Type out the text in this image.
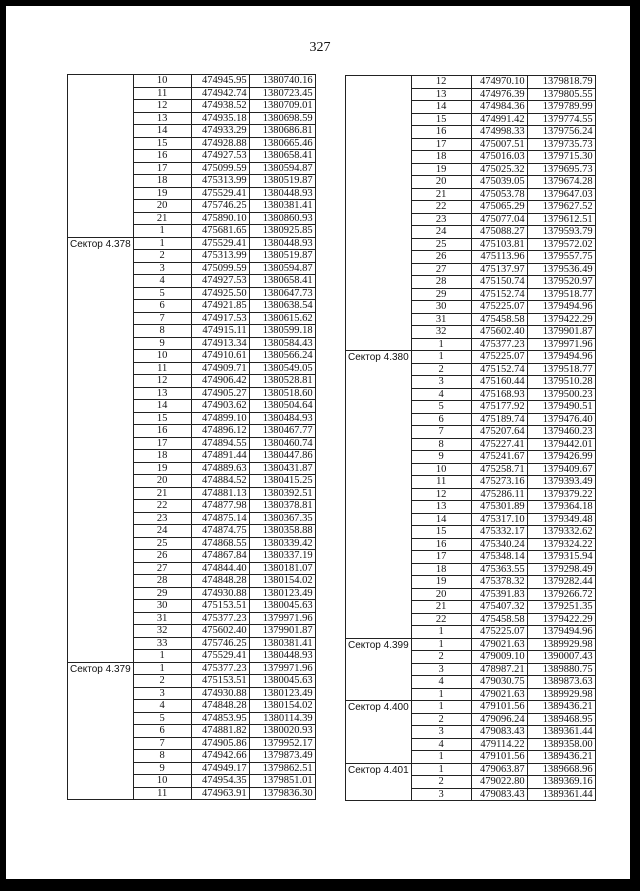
327
	10	474945.95	1380740.16
	11	474942.74	1380723.45
	12	474938.52	1380709.01
	13	474935.18	1380698.59
	14	474933.29	1380686.81
	15	474928.88	1380665.46
	16	474927.53	1380658.41
	17	475099.59	1380594.87
	18	475313.99	1380519.87
	19	475529.41	1380448.93
	20	475746.25	1380381.41
	21	475890.10	1380860.93
	1	475681.65	1380925.85
Сектор 4.378	1	475529.41	1380448.93
	2	475313.99	1380519.87
	3	475099.59	1380594.87
	4	474927.53	1380658.41
	5	474925.50	1380647.73
	6	474921.85	1380638.54
	7	474917.53	1380615.62
	8	474915.11	1380599.18
	9	474913.34	1380584.43
	10	474910.61	1380566.24
	11	474909.71	1380549.05
	12	474906.42	1380528.81
	13	474905.27	1380518.60
	14	474903.62	1380504.64
	15	474899.10	1380484.93
	16	474896.12	1380467.77
	17	474894.55	1380460.74
	18	474891.44	1380447.86
	19	474889.63	1380431.87
	20	474884.52	1380415.25
	21	474881.13	1380392.51
	22	474877.98	1380378.81
	23	474875.14	1380367.35
	24	474874.75	1380358.88
	25	474868.55	1380339.42
	26	474867.84	1380337.19
	27	474844.40	1380181.07
	28	474848.28	1380154.02
	29	474930.88	1380123.49
	30	475153.51	1380045.63
	31	475377.23	1379971.96
	32	475602.40	1379901.87
	33	475746.25	1380381.41
	1	475529.41	1380448.93
Сектор 4.379	1	475377.23	1379971.96
	2	475153.51	1380045.63
	3	474930.88	1380123.49
	4	474848.28	1380154.02
	5	474853.95	1380114.39
	6	474881.82	1380020.93
	7	474905.86	1379952.17
	8	474942.66	1379873.49
	9	474949.17	1379862.51
	10	474954.35	1379851.01
	11	474963.91	1379836.30
	12	474970.10	1379818.79
	13	474976.39	1379805.55
	14	474984.36	1379789.99
	15	474991.42	1379774.55
	16	474998.33	1379756.24
	17	475007.51	1379735.73
	18	475016.03	1379715.30
	19	475025.32	1379695.73
	20	475039.05	1379674.28
	21	475053.78	1379647.03
	22	475065.29	1379627.52
	23	475077.04	1379612.51
	24	475088.27	1379593.79
	25	475103.81	1379572.02
	26	475113.96	1379557.75
	27	475137.97	1379536.49
	28	475150.74	1379520.97
	29	475152.74	1379518.77
	30	475225.07	1379494.96
	31	475458.58	1379422.29
	32	475602.40	1379901.87
	1	475377.23	1379971.96
Сектор 4.380	1	475225.07	1379494.96
	2	475152.74	1379518.77
	3	475160.44	1379510.28
	4	475168.93	1379500.23
	5	475177.92	1379490.51
	6	475189.74	1379476.40
	7	475207.64	1379460.23
	8	475227.41	1379442.01
	9	475241.67	1379426.99
	10	475258.71	1379409.67
	11	475273.16	1379393.49
	12	475286.11	1379379.22
	13	475301.89	1379364.18
	14	475317.10	1379349.48
	15	475332.17	1379332.62
	16	475340.24	1379324.22
	17	475348.14	1379315.94
	18	475363.55	1379298.49
	19	475378.32	1379282.44
	20	475391.83	1379266.72
	21	475407.32	1379251.35
	22	475458.58	1379422.29
	1	475225.07	1379494.96
Сектор 4.399	1	479021.63	1389929.98
	2	479009.10	1390007.43
	3	478987.21	1389880.75
	4	479030.75	1389873.63
	1	479021.63	1389929.98
Сектор 4.400	1	479101.56	1389436.21
	2	479096.24	1389468.95
	3	479083.43	1389361.44
	4	479114.22	1389358.00
	1	479101.56	1389436.21
Сектор 4.401	1	479063.87	1389668.96
	2	479022.80	1389369.16
	3	479083.43	1389361.44
